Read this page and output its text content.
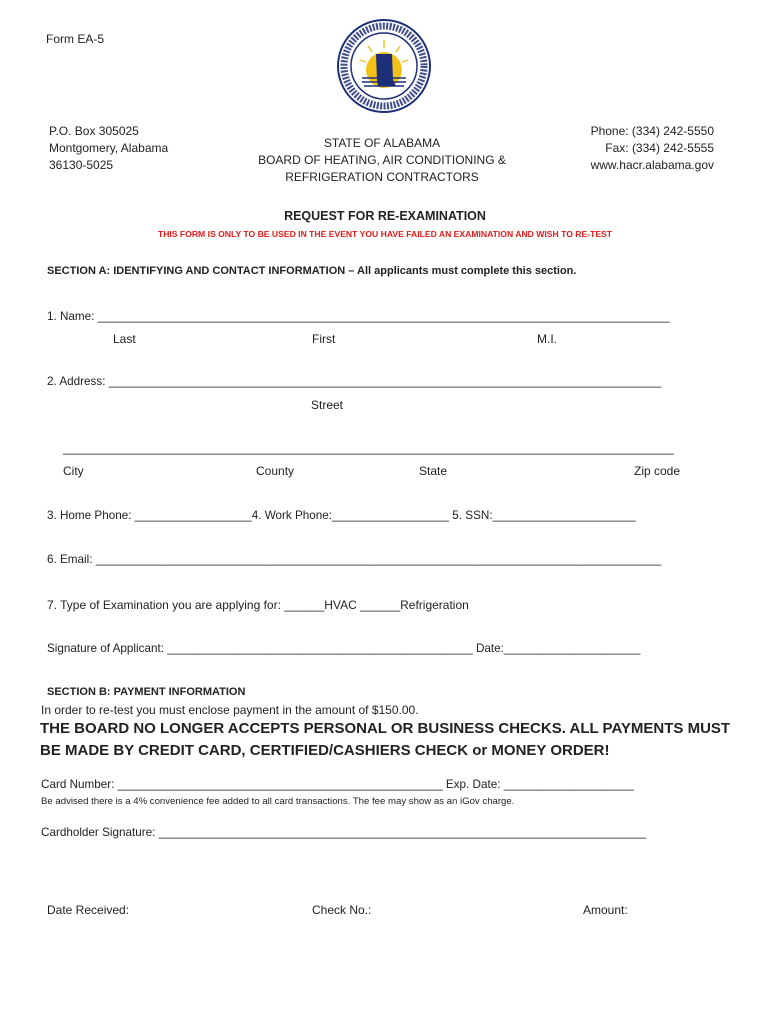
Form EA-5
P.O. Box 305025
Montgomery, Alabama
36130-5025
STATE OF ALABAMA
BOARD OF HEATING, AIR CONDITIONING &
REFRIGERATION CONTRACTORS
Phone: (334) 242-5550
Fax: (334) 242-5555
www.hacr.alabama.gov
REQUEST FOR RE-EXAMINATION
THIS FORM IS ONLY TO BE USED IN THE EVENT YOU HAVE FAILED AN EXAMINATION AND WISH TO RE-TEST
SECTION A: IDENTIFYING AND CONTACT INFORMATION – All applicants must complete this section.
1. Name: ________________________________________________________________________________________
Last	First	M.I.
2. Address: _____________________________________________________________________________________
Street
______________________________________________________________________________________________
City	County	State	Zip code
3. Home Phone: __________________4. Work Phone:__________________ 5. SSN:______________________
6. Email: _______________________________________________________________________________________
7. Type of Examination you are applying for: ______HVAC ______Refrigeration
Signature of Applicant: _______________________________________________ Date:_____________________
SECTION B: PAYMENT INFORMATION
In order to re-test you must enclose payment in the amount of $150.00.
THE BOARD NO LONGER ACCEPTS PERSONAL OR BUSINESS CHECKS. ALL PAYMENTS MUST
BE MADE BY CREDIT CARD, CERTIFIED/CASHIERS CHECK or MONEY ORDER!
Card Number: __________________________________________________ Exp. Date: ____________________
Be advised there is a 4% convenience fee added to all card transactions. The fee may show as an iGov charge.
Cardholder Signature: ___________________________________________________________________________
Date Received:	Check No.:	Amount:
